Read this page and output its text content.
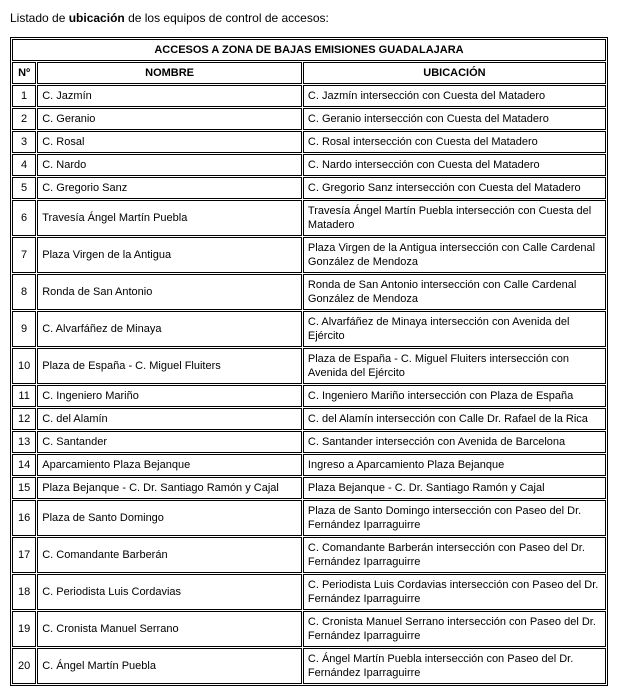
Listado de ubicación de los equipos de control de accesos:

ACCESOS A ZONA DE BAJAS EMISIONES GUADALAJARA		
Nº	NOMBRE	UBICACIÓN
1	C. Jazmín	C. Jazmín intersección con Cuesta del Matadero
2	C. Geranio	C. Geranio intersección con Cuesta del Matadero
3	C. Rosal	C. Rosal intersección con Cuesta del Matadero
4	C. Nardo	C. Nardo intersección con Cuesta del Matadero
5	C. Gregorio Sanz	C. Gregorio Sanz intersección con Cuesta del Matadero
6	Travesía Ángel Martín Puebla	Travesía Ángel Martín Puebla intersección con Cuesta del Matadero
7	Plaza Virgen de la Antigua	Plaza Virgen de la Antigua intersección con Calle Cardenal González de Mendoza
8	Ronda de San Antonio	Ronda de San Antonio intersección con Calle Cardenal González de Mendoza
9	C. Alvarfáñez de Minaya	C. Alvarfáñez de Minaya intersección con Avenida del Ejército
10	Plaza de España - C. Miguel Fluiters	Plaza de España - C. Miguel Fluiters intersección con Avenida del Ejército
11	C. Ingeniero Mariño	C. Ingeniero Mariño intersección con Plaza de España
12	C. del Alamín	C. del Alamín intersección con Calle Dr. Rafael de la Rica
13	C. Santander	C. Santander intersección con Avenida de Barcelona
14	Aparcamiento Plaza Bejanque	Ingreso a Aparcamiento Plaza Bejanque
15	Plaza Bejanque - C. Dr. Santiago Ramón y Cajal	Plaza Bejanque - C. Dr. Santiago Ramón y Cajal
16	Plaza de Santo Domingo	Plaza de Santo Domingo intersección con Paseo del Dr. Fernández Iparraguirre
17	C. Comandante Barberán	C. Comandante Barberán intersección con Paseo del Dr. Fernández Iparraguirre
18	C. Periodista Luis Cordavias	C. Periodista Luis Cordavias intersección con Paseo del Dr. Fernández Iparraguirre
19	C. Cronista Manuel Serrano	C. Cronista Manuel Serrano intersección con Paseo del Dr. Fernández Iparraguirre
20	C. Ángel Martín Puebla	C. Ángel Martín Puebla intersección con Paseo del Dr. Fernández Iparraguirre
